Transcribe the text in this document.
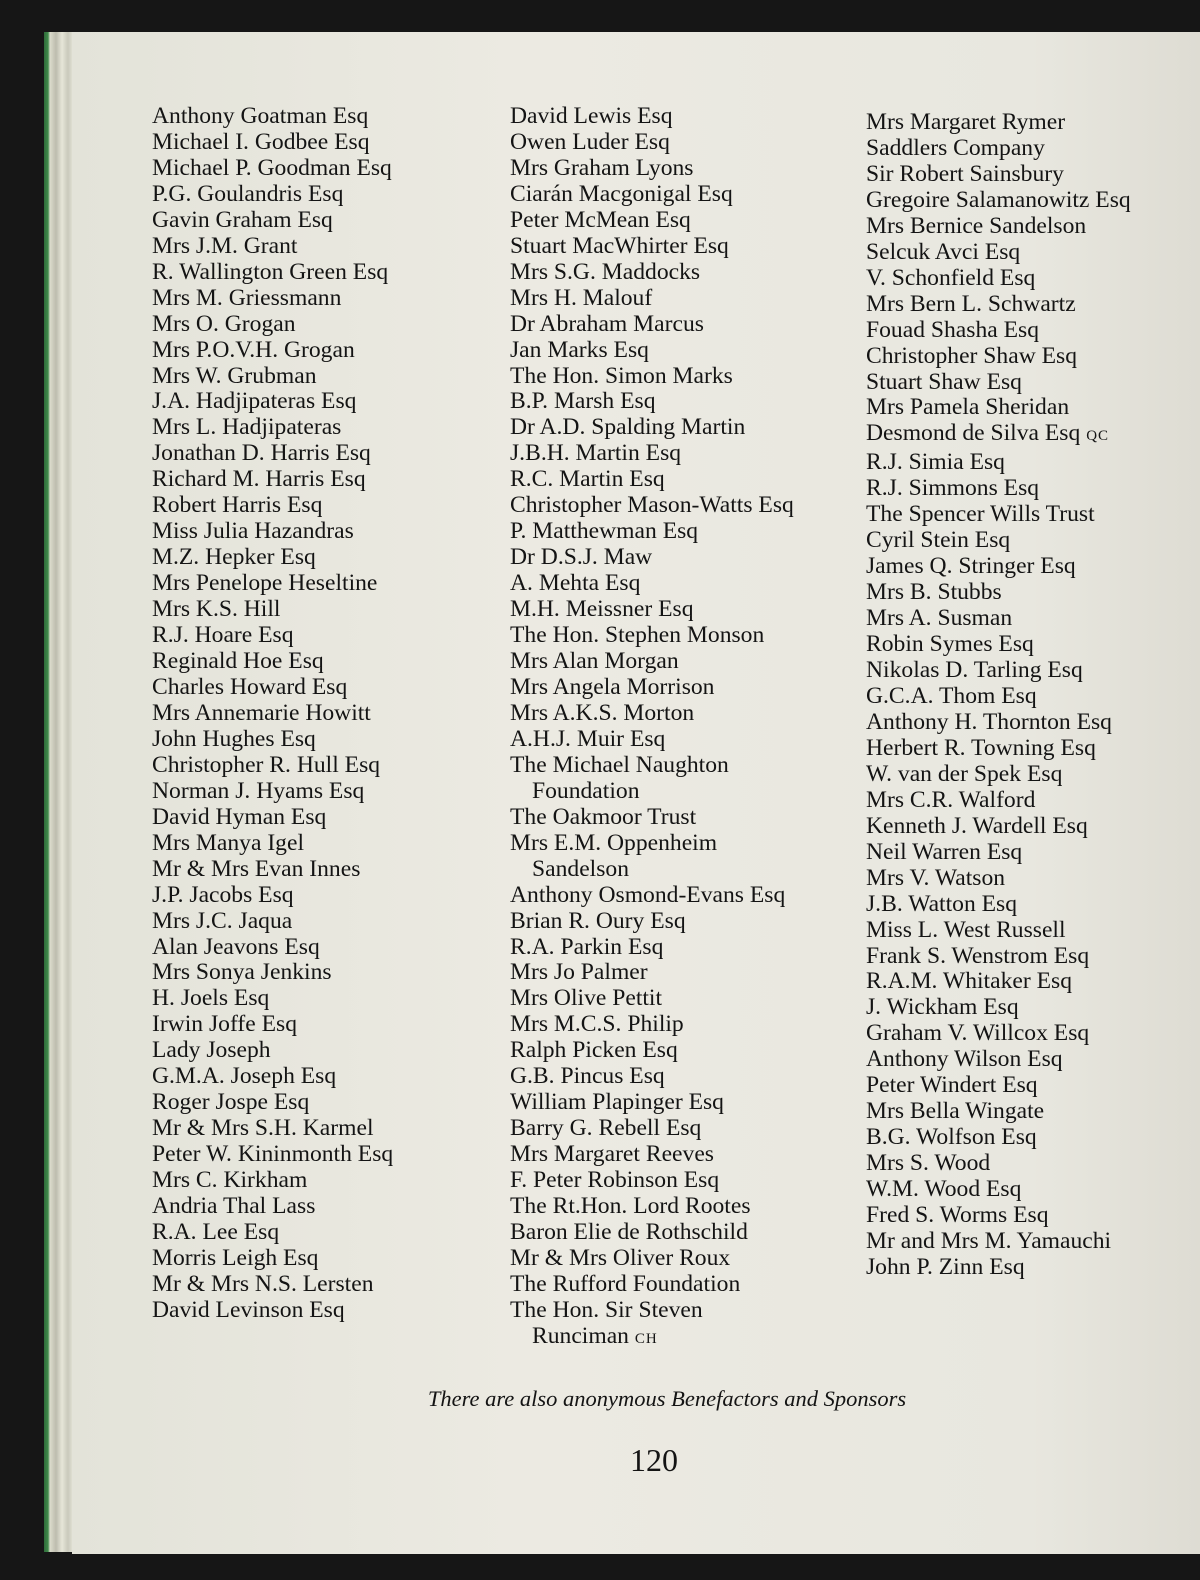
Anthony Goatman Esq
Michael I. Godbee Esq
Michael P. Goodman Esq
P.G. Goulandris Esq
Gavin Graham Esq
Mrs J.M. Grant
R. Wallington Green Esq
Mrs M. Griessmann
Mrs O. Grogan
Mrs P.O.V.H. Grogan
Mrs W. Grubman
J.A. Hadjipateras Esq
Mrs L. Hadjipateras
Jonathan D. Harris Esq
Richard M. Harris Esq
Robert Harris Esq
Miss Julia Hazandras
M.Z. Hepker Esq
Mrs Penelope Heseltine
Mrs K.S. Hill
R.J. Hoare Esq
Reginald Hoe Esq
Charles Howard Esq
Mrs Annemarie Howitt
John Hughes Esq
Christopher R. Hull Esq
Norman J. Hyams Esq
David Hyman Esq
Mrs Manya Igel
Mr & Mrs Evan Innes
J.P. Jacobs Esq
Mrs J.C. Jaqua
Alan Jeavons Esq
Mrs Sonya Jenkins
H. Joels Esq
Irwin Joffe Esq
Lady Joseph
G.M.A. Joseph Esq
Roger Jospe Esq
Mr & Mrs S.H. Karmel
Peter W. Kininmonth Esq
Mrs C. Kirkham
Andria Thal Lass
R.A. Lee Esq
Morris Leigh Esq
Mr & Mrs N.S. Lersten
David Levinson Esq
David Lewis Esq
Owen Luder Esq
Mrs Graham Lyons
Ciarán Macgonigal Esq
Peter McMean Esq
Stuart MacWhirter Esq
Mrs S.G. Maddocks
Mrs H. Malouf
Dr Abraham Marcus
Jan Marks Esq
The Hon. Simon Marks
B.P. Marsh Esq
Dr A.D. Spalding Martin
J.B.H. Martin Esq
R.C. Martin Esq
Christopher Mason-Watts Esq
P. Matthewman Esq
Dr D.S.J. Maw
A. Mehta Esq
M.H. Meissner Esq
The Hon. Stephen Monson
Mrs Alan Morgan
Mrs Angela Morrison
Mrs A.K.S. Morton
A.H.J. Muir Esq
The Michael Naughton
Foundation
The Oakmoor Trust
Mrs E.M. Oppenheim
Sandelson
Anthony Osmond-Evans Esq
Brian R. Oury Esq
R.A. Parkin Esq
Mrs Jo Palmer
Mrs Olive Pettit
Mrs M.C.S. Philip
Ralph Picken Esq
G.B. Pincus Esq
William Plapinger Esq
Barry G. Rebell Esq
Mrs Margaret Reeves
F. Peter Robinson Esq
The Rt.Hon. Lord Rootes
Baron Elie de Rothschild
Mr & Mrs Oliver Roux
The Rufford Foundation
The Hon. Sir Steven
Runciman CH
Mrs Margaret Rymer
Saddlers Company
Sir Robert Sainsbury
Gregoire Salamanowitz Esq
Mrs Bernice Sandelson
Selcuk Avci Esq
V. Schonfield Esq
Mrs Bern L. Schwartz
Fouad Shasha Esq
Christopher Shaw Esq
Stuart Shaw Esq
Mrs Pamela Sheridan
Desmond de Silva Esq QC
R.J. Simia Esq
R.J. Simmons Esq
The Spencer Wills Trust
Cyril Stein Esq
James Q. Stringer Esq
Mrs B. Stubbs
Mrs A. Susman
Robin Symes Esq
Nikolas D. Tarling Esq
G.C.A. Thom Esq
Anthony H. Thornton Esq
Herbert R. Towning Esq
W. van der Spek Esq
Mrs C.R. Walford
Kenneth J. Wardell Esq
Neil Warren Esq
Mrs V. Watson
J.B. Watton Esq
Miss L. West Russell
Frank S. Wenstrom Esq
R.A.M. Whitaker Esq
J. Wickham Esq
Graham V. Willcox Esq
Anthony Wilson Esq
Peter Windert Esq
Mrs Bella Wingate
B.G. Wolfson Esq
Mrs S. Wood
W.M. Wood Esq
Fred S. Worms Esq
Mr and Mrs M. Yamauchi
John P. Zinn Esq
There are also anonymous Benefactors and Sponsors
120
